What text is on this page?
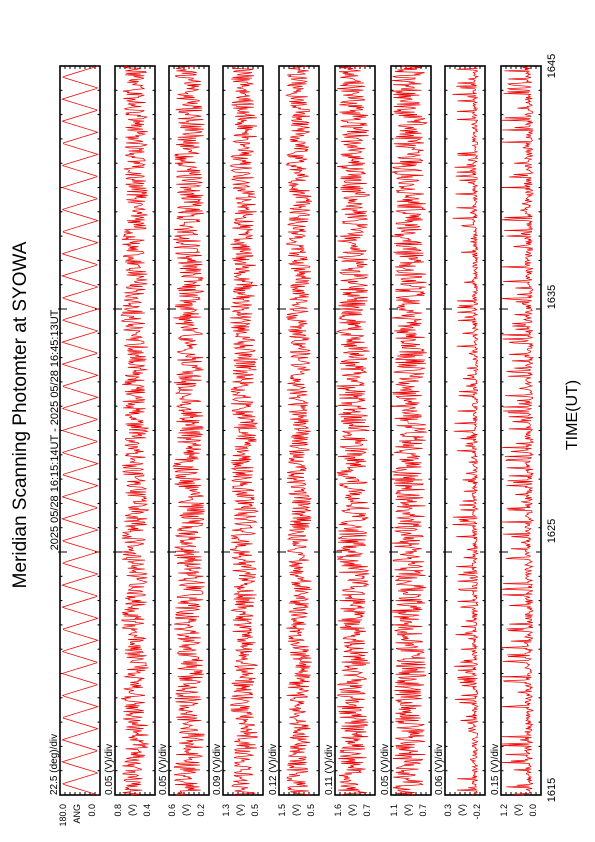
Meridian Scanning Photomter at SYOWA 2025 05/28 16:15:14UT - 2025 05/28 16:45:13UT	TIME(UT)
1615
1625
1635
1645
22.5 (deg)/div
180.0 ANG 0.0
0.05 (V)/div
0.8 (V) 0.4
0.05 (V)/div
0.6 (V) 0.2
0.09 (V)/div
1.3 (V) 0.5
0.12 (V)/div
1.5 (V) 0.5
0.11 (V)/div
1.6 (V) 0.7
0.05 (V)/div
1.1 (V) 0.7
0.06 (V)/div
0.3 (V) -0.2
0.15 (V)/div
1.2 (V) 0.0
